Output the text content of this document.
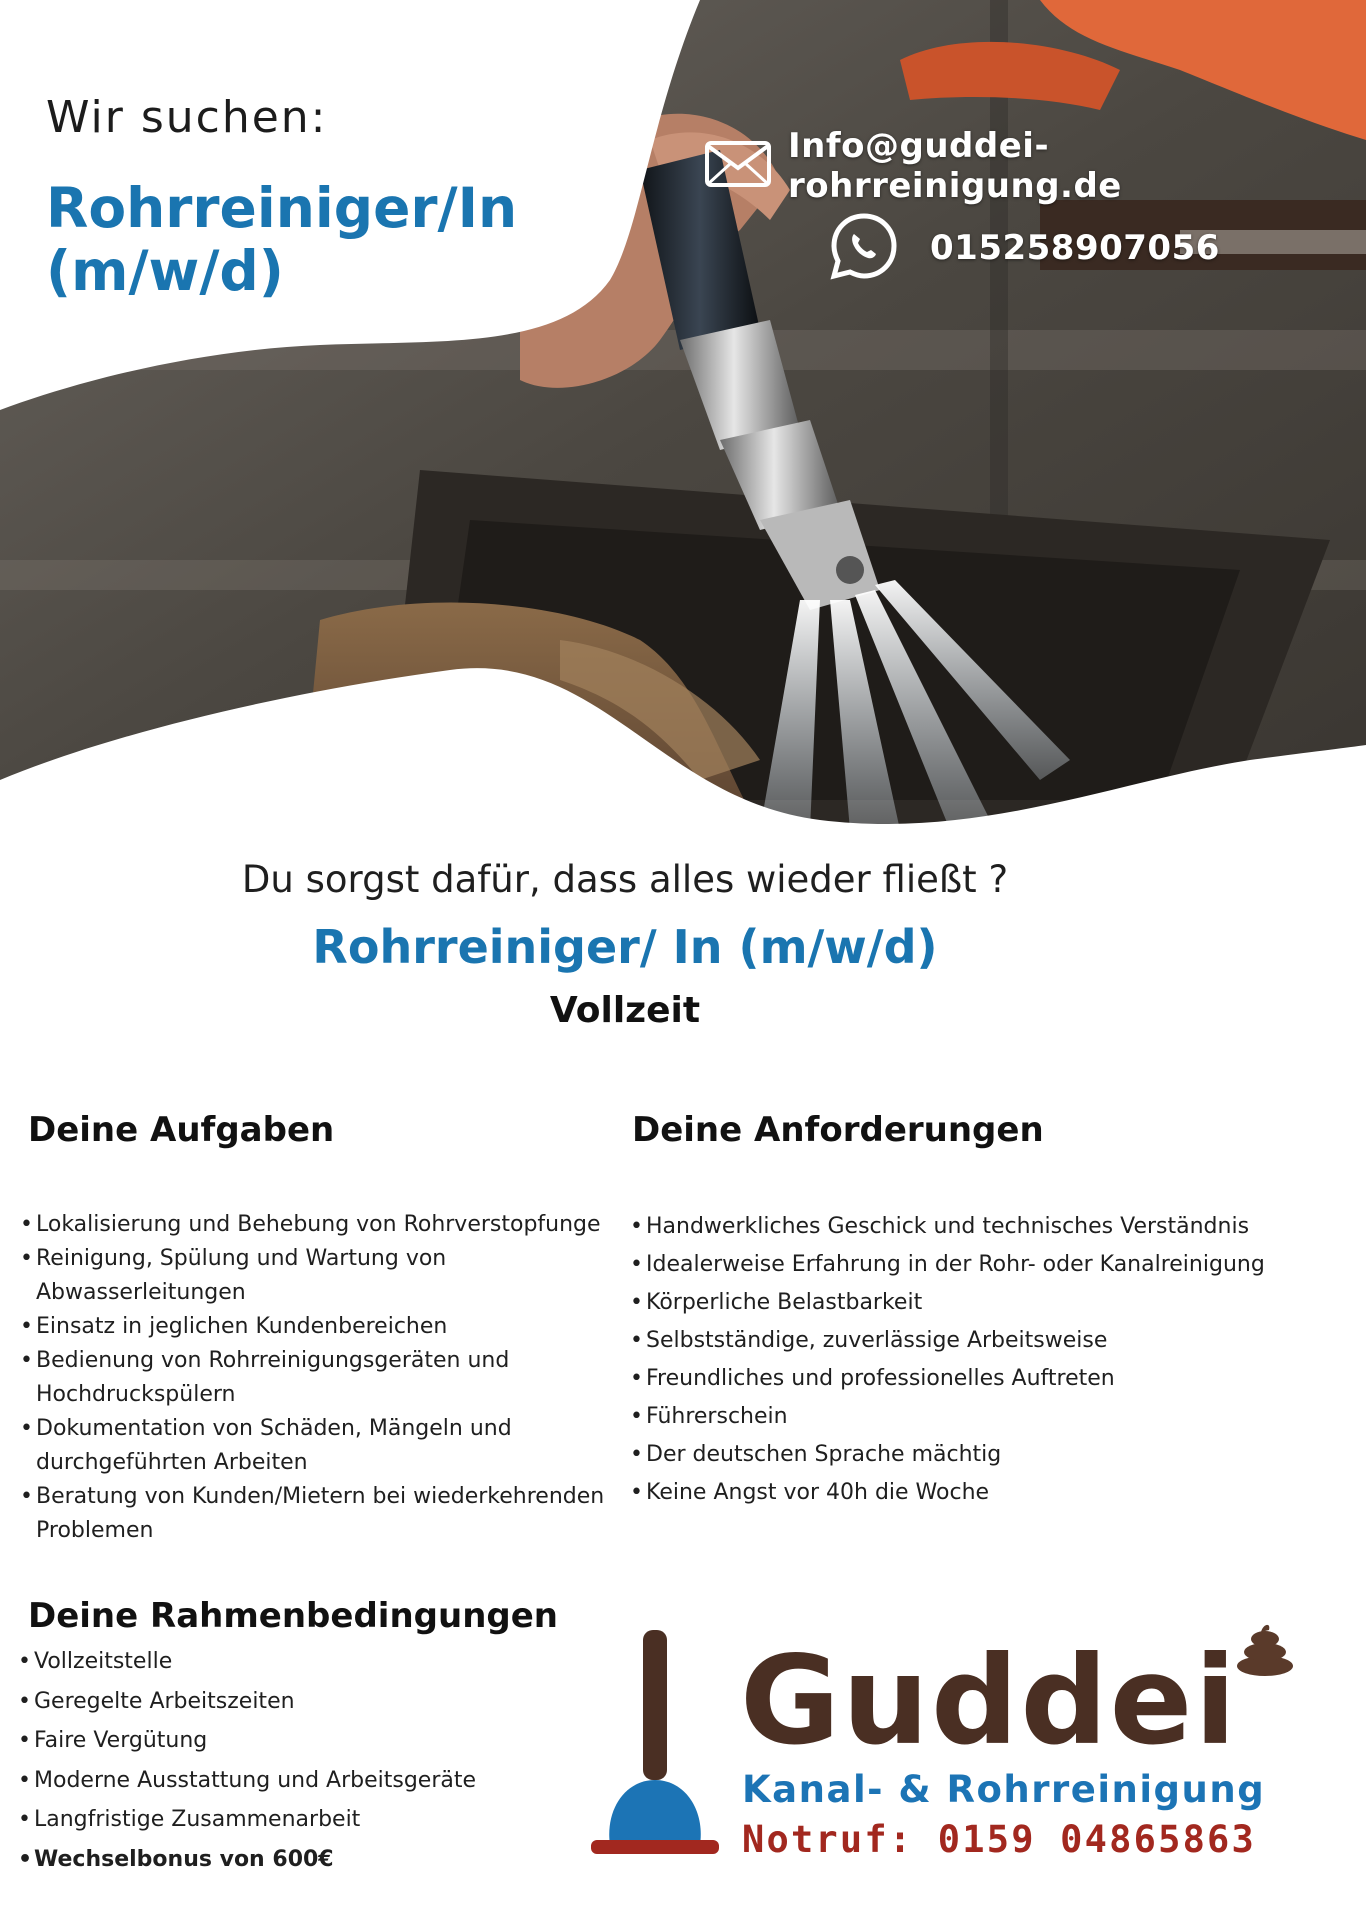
Wir suchen:
Rohrreiniger/In (m/w/d)
Info@guddei-rohrreinigung.de
015258907056
Du sorgst dafür, dass alles wieder fließt ?
Rohrreiniger/ In (m/w/d)
Vollzeit
Deine Aufgaben
• Lokalisierung und Behebung von Rohrverstopfunge
• Reinigung, Spülung und Wartung von Abwasserleitungen
• Einsatz in jeglichen Kundenbereichen
• Bedienung von Rohrreinigungsgeräten und Hochdruckspülern
• Dokumentation von Schäden, Mängeln und durchgeführten Arbeiten
• Beratung von Kunden/Mietern bei wiederkehrenden Problemen
Deine Anforderungen
• Handwerkliches Geschick und technisches Verständnis
• Idealerweise Erfahrung in der Rohr- oder Kanalreinigung
• Körperliche Belastbarkeit
• Selbstständige, zuverlässige Arbeitsweise
• Freundliches und professionelles Auftreten
• Führerschein
• Der deutschen Sprache mächtig
• Keine Angst vor 40h die Woche
Deine Rahmenbedingungen
• Vollzeitstelle
• Geregelte Arbeitszeiten
• Faire Vergütung
• Moderne Ausstattung und Arbeitsgeräte
• Langfristige Zusammenarbeit
• Wechselbonus von 600€
Guddei
Kanal- & Rohrreinigung
Notruf: 0159 04865863
